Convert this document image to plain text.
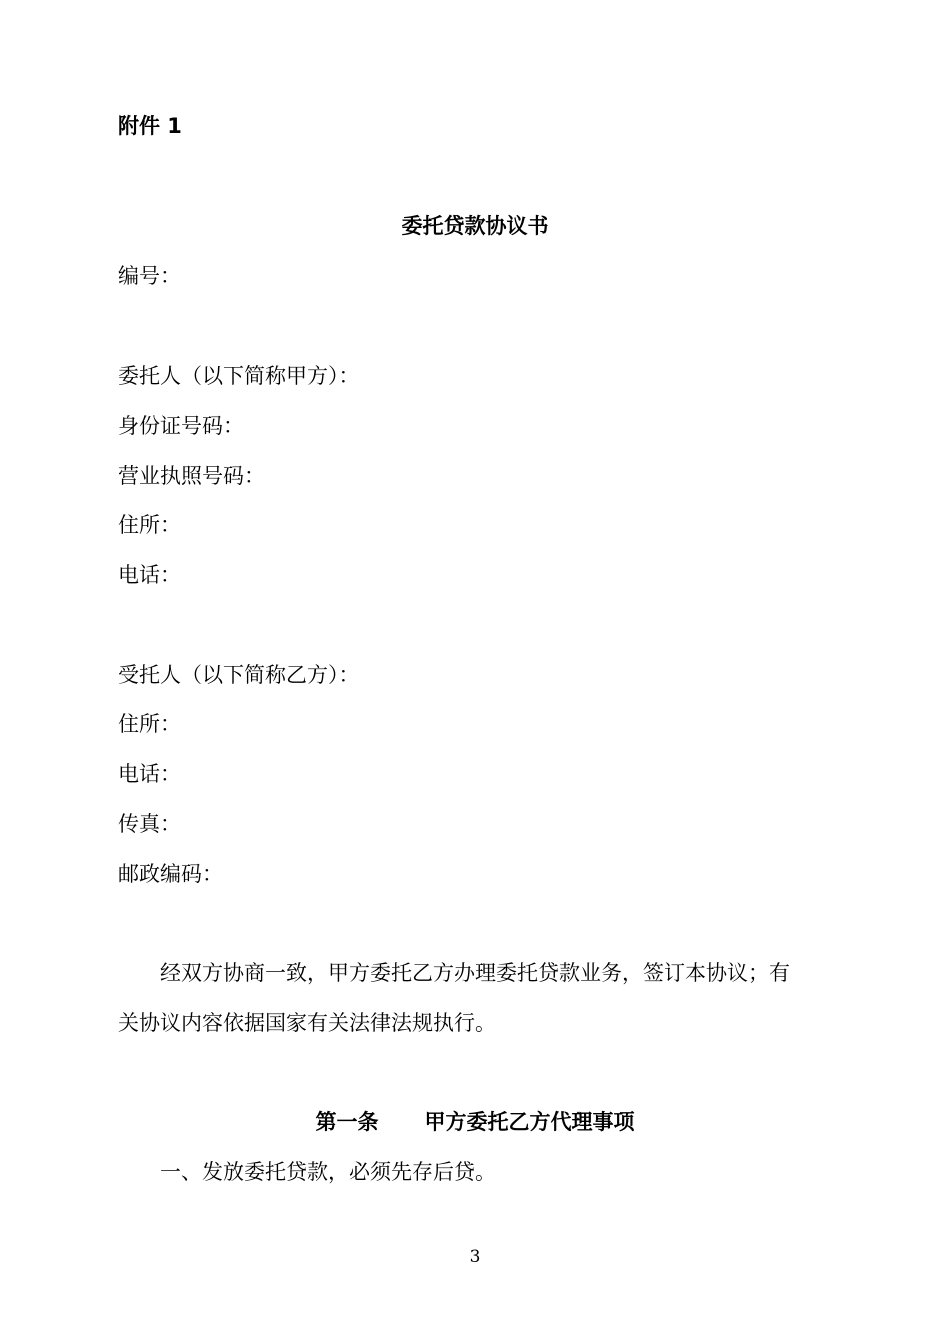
附件 1
委托贷款协议书
编号：
委托人（以下简称甲方）：
身份证号码：
营业执照号码：
住所：
电话：
受托人（以下简称乙方）：
住所：
电话：
传真：
邮政编码：
经双方协商一致，甲方委托乙方办理委托贷款业务，签订本协议；有
关协议内容依据国家有关法律法规执行。
第一条 甲方委托乙方代理事项
一、发放委托贷款，必须先存后贷。
3
